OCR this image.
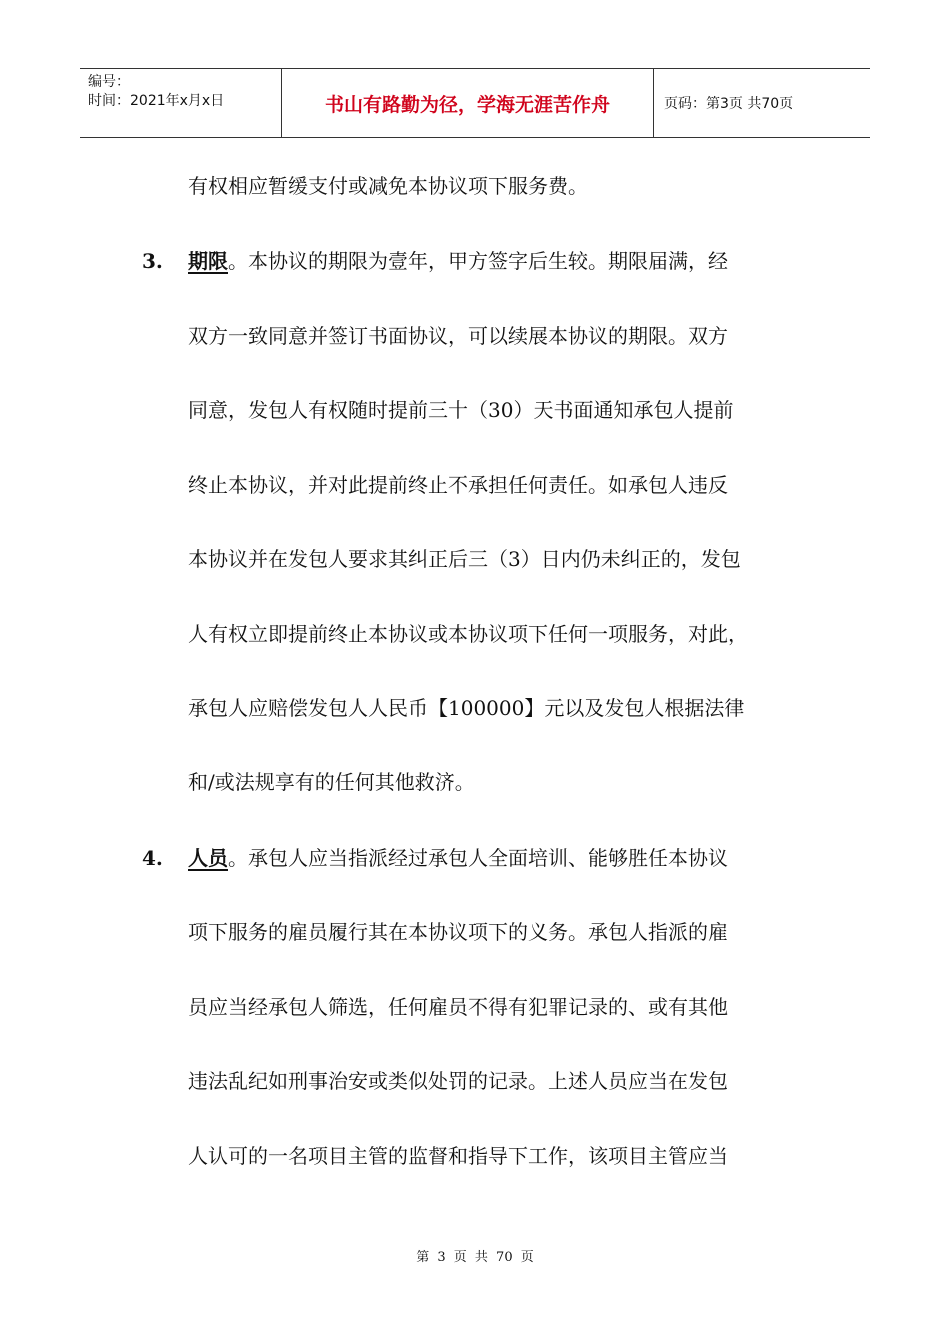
编号：
时间：2021年x月x日	书山有路勤为径，学海无涯苦作舟	页码：第3页 共70页
有权相应暂缓支付或减免本协议项下服务费。
3. 期限。本协议的期限为壹年，甲方签字后生较。期限届满，经
双方一致同意并签订书面协议，可以续展本协议的期限。双方
同意，发包人有权随时提前三十（30）天书面通知承包人提前
终止本协议，并对此提前终止不承担任何责任。如承包人违反
本协议并在发包人要求其纠正后三（3）日内仍未纠正的，发包
人有权立即提前终止本协议或本协议项下任何一项服务，对此，
承包人应赔偿发包人人民币【100000】元以及发包人根据法律
和/或法规享有的任何其他救济。
4. 人员。承包人应当指派经过承包人全面培训、能够胜任本协议
项下服务的雇员履行其在本协议项下的义务。承包人指派的雇
员应当经承包人筛选，任何雇员不得有犯罪记录的、或有其他
违法乱纪如刑事治安或类似处罚的记录。上述人员应当在发包
人认可的一名项目主管的监督和指导下工作，该项目主管应当
第 3 页 共 70 页
